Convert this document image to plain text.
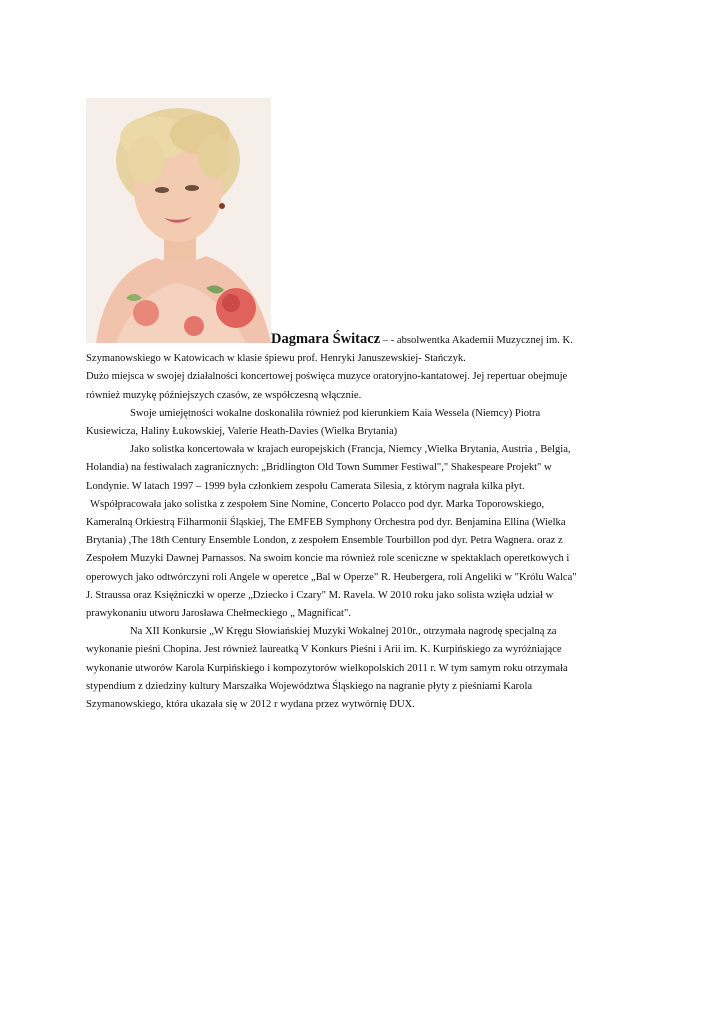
Dagmara Świtacz – - absolwentka Akademii Muzycznej im. K.
Szymanowskiego w Katowicach w klasie śpiewu prof. Henryki Januszewskiej- Stańczyk.
Dużo miejsca w swojej działalności koncertowej poświęca muzyce oratoryjno-kantatowej. Jej repertuar obejmuje
również muzykę późniejszych czasów, ze współczesną włącznie.
Swoje umiejętności wokalne doskonaliła również pod kierunkiem Kaia Wessela (Niemcy) Piotra
Kusiewicza, Haliny Łukowskiej, Valerie Heath-Davies (Wielka Brytania)
Jako solistka koncertowała w krajach europejskich (Francja, Niemcy ,Wielka Brytania, Austria , Belgia,
Holandia) na festiwalach zagranicznych: „Bridlington Old Town Summer Festiwal"," Shakespeare Projekt" w
Londynie. W latach 1997 – 1999 była członkiem zespołu Camerata Silesia, z którym nagrała kilka płyt.
Współpracowała jako solistka z zespołem Sine Nomine, Concerto Polacco pod dyr. Marka Toporowskiego,
Kameralną Orkiestrą Filharmonii Śląskiej, The EMFEB Symphony Orchestra pod dyr. Benjamina Ellina (Wielka
Brytania) ,The 18th Century Ensemble London, z zespołem Ensemble Tourbillon pod dyr. Petra Wagnera. oraz z
Zespołem Muzyki Dawnej Parnassos. Na swoim koncie ma również role sceniczne w spektaklach operetkowych i
operowych jako odtwórczyni roli Angele w operetce „Bal w Operze" R. Heubergera, roli Angeliki w "Królu Walca"
J. Straussa oraz Księżniczki w operze „Dziecko i Czary" M. Ravela. W 2010 roku jako solista wzięła udział w
prawykonaniu utworu Jarosława Chełmeckiego „ Magnificat".
Na XII Konkursie „W Kręgu Słowiańskiej Muzyki Wokalnej 2010r., otrzymała nagrodę specjalną za
wykonanie pieśni Chopina. Jest również laureatką V Konkurs Pieśni i Arii im. K. Kurpińskiego za wyróżniające
wykonanie utworów Karola Kurpińskiego i kompozytorów wielkopolskich 2011 r. W tym samym roku otrzymała
stypendium z dziedziny kultury Marszałka Województwa Śląskiego na nagranie płyty z pieśniami Karola
Szymanowskiego, która ukazała się w 2012 r wydana przez wytwórnię DUX.
